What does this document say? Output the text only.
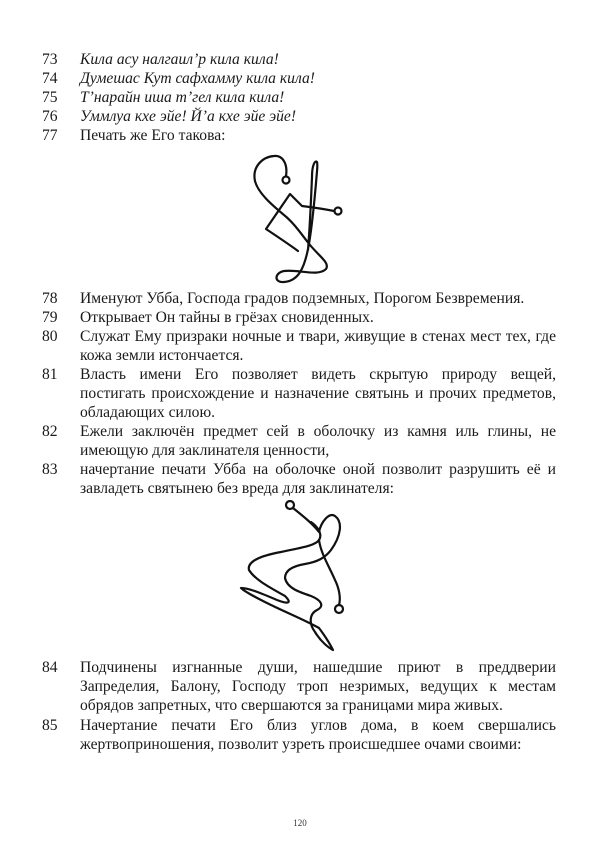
73	Кила асу налгаил’р кила кила!
74	Думешас Кут сафхамму кила кила!
75	Т’нарайн иша т’гел кила кила!
76	Уммлуа кхе эйе! Й’а кхе эйе эйе!
77	Печать же Его такова:
78	Именуют Убба, Господа градов подземных, Порогом Безвремения.
79	Открывает Он тайны в грёзах сновиденных.
80	Служат Ему призраки ночные и твари, живущие в стенах мест тех, где кожа земли истончается.
81	Власть имени Его позволяет видеть скрытую природу вещей, постигать происхождение и назначение святынь и прочих предметов, обладающих силою.
82	Ежели заключён предмет сей в оболочку из камня иль глины, не имеющую для заклинателя ценности,
83	начертание печати Убба на оболочке оной позволит разрушить её и завладеть святынею без вреда для заклинателя:
84	Подчинены изгнанные души, нашедшие приют в преддверии Запределия, Балону, Господу троп незримых, ведущих к местам обрядов запретных, что свершаются за границами мира живых.
85	Начертание печати Его близ углов дома, в коем свершались жертвоприношения, позволит узреть происшедшее очами своими:
120
